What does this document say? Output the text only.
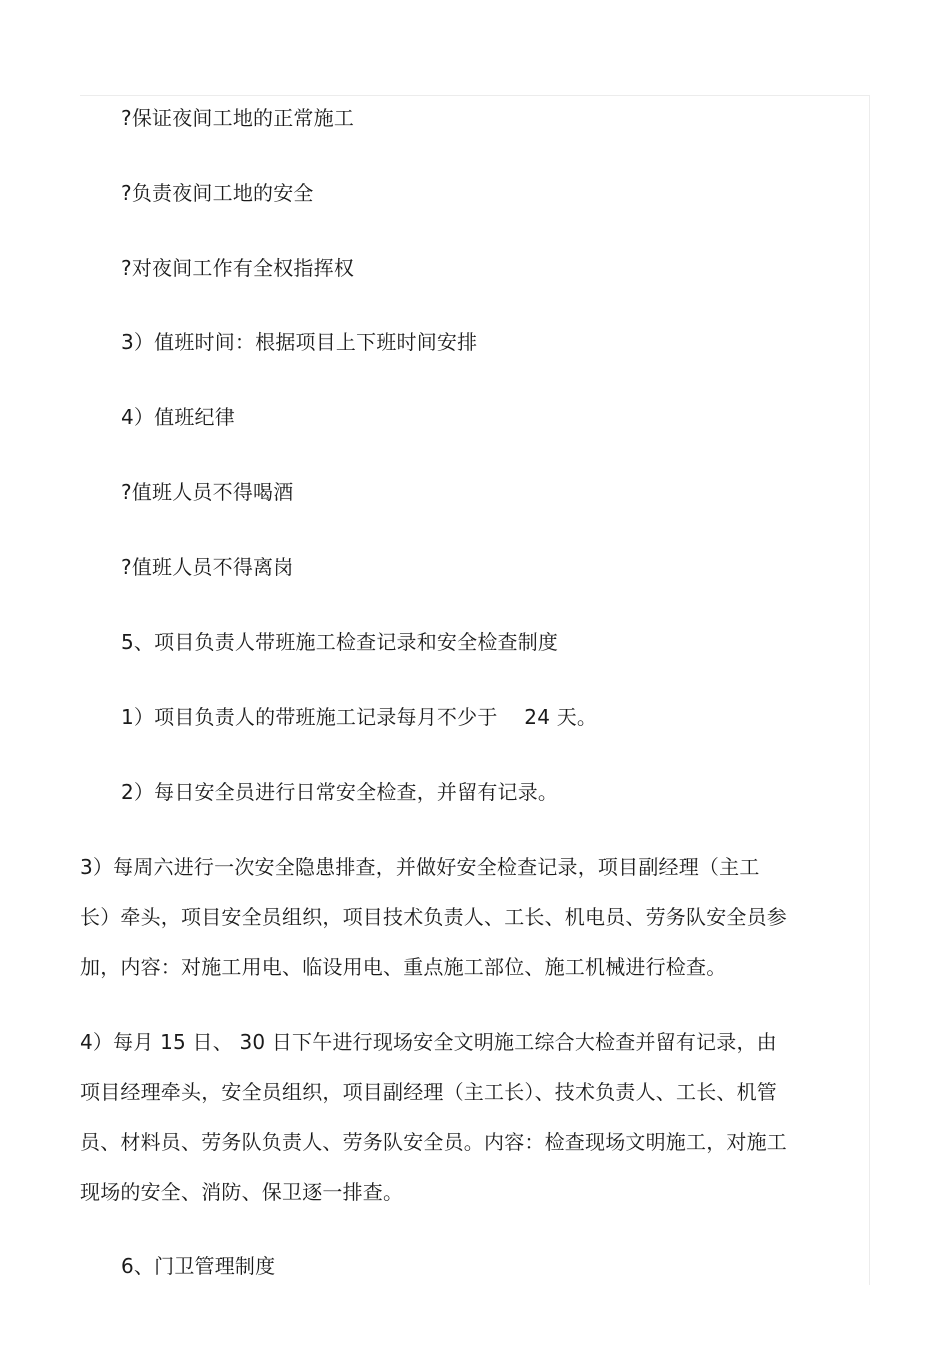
?保证夜间工地的正常施工
?负责夜间工地的安全
?对夜间工作有全权指挥权
3）值班时间：根据项目上下班时间安排
4）值班纪律
?值班人员不得喝酒
?值班人员不得离岗
5、项目负责人带班施工检查记录和安全检查制度
1）项目负责人的带班施工记录每月不少于　 24 天。
2）每日安全员进行日常安全检查，并留有记录。
3）每周六进行一次安全隐患排查，并做好安全检查记录，项目副经理（主工
长）牵头，项目安全员组织，项目技术负责人、工长、机电员、劳务队安全员参
加，内容：对施工用电、临设用电、重点施工部位、施工机械进行检查。
4）每月 15 日、 30 日下午进行现场安全文明施工综合大检查并留有记录，由
项目经理牵头，安全员组织，项目副经理（主工长）、技术负责人、工长、机管
员、材料员、劳务队负责人、劳务队安全员。内容：检查现场文明施工，对施工
现场的安全、消防、保卫逐一排查。
6、门卫管理制度
